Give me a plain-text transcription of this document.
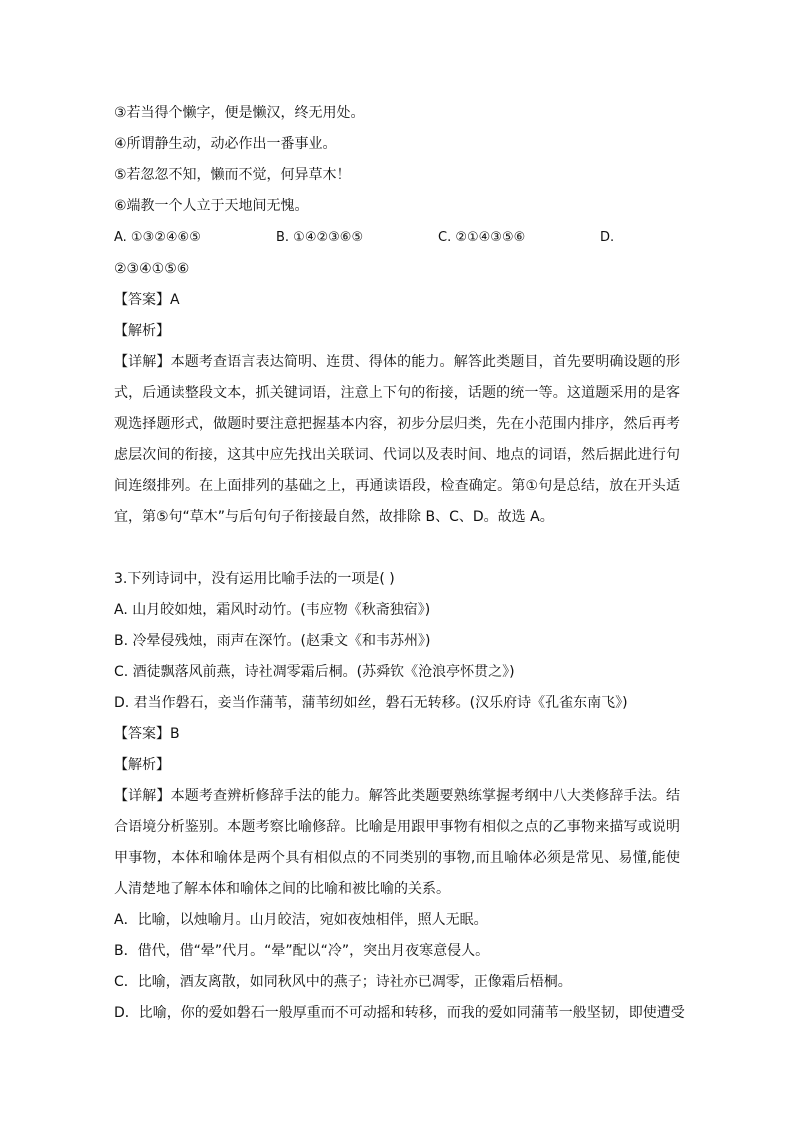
③若当得个懒字，便是懒汉，终无用处。
④所谓静生动，动必作出一番事业。
⑤若忽忽不知，懒而不觉，何异草木！
⑥端教一个人立于天地间无愧。
A. ①③②④⑥⑤	B. ①④②③⑥⑤	C. ②①④③⑤⑥	D.
②③④①⑤⑥
【答案】A
【解析】
【详解】本题考查语言表达简明、连贯、得体的能力。解答此类题目，首先要明确设题的形
式，后通读整段文本，抓关键词语，注意上下句的衔接，话题的统一等。这道题采用的是客
观选择题形式，做题时要注意把握基本内容，初步分层归类，先在小范围内排序，然后再考
虑层次间的衔接，这其中应先找出关联词、代词以及表时间、地点的词语，然后据此进行句
间连缀排列。在上面排列的基础之上，再通读语段，检查确定。第①句是总结，放在开头适
宜，第⑤句“草木”与后句句子衔接最自然，故排除 B、C、D。故选 A。
3.下列诗词中，没有运用比喻手法的一项是( )
A. 山月皎如烛，霜风时动竹。(韦应物《秋斋独宿》)
B. 冷晕侵残烛，雨声在深竹。(赵秉文《和韦苏州》)
C. 酒徒飘落风前燕，诗社凋零霜后桐。(苏舜钦《沧浪亭怀贯之》)
D. 君当作磐石，妾当作蒲苇，蒲苇纫如丝，磐石无转移。(汉乐府诗《孔雀东南飞》)
【答案】B
【解析】
【详解】本题考查辨析修辞手法的能力。解答此类题要熟练掌握考纲中八大类修辞手法。结
合语境分析鉴别。本题考察比喻修辞。比喻是用跟甲事物有相似之点的乙事物来描写或说明
甲事物，本体和喻体是两个具有相似点的不同类别的事物,而且喻体必须是常见、易懂,能使
人清楚地了解本体和喻体之间的比喻和被比喻的关系。
A．比喻，以烛喻月。山月皎洁，宛如夜烛相伴，照人无眠。
B．借代，借“晕”代月。“晕”配以“冷”，突出月夜寒意侵人。
C．比喻，酒友离散，如同秋风中的燕子；诗社亦已凋零，正像霜后梧桐。
D．比喻，你的爱如磐石一般厚重而不可动摇和转移，而我的爱如同蒲苇一般坚韧，即使遭受
